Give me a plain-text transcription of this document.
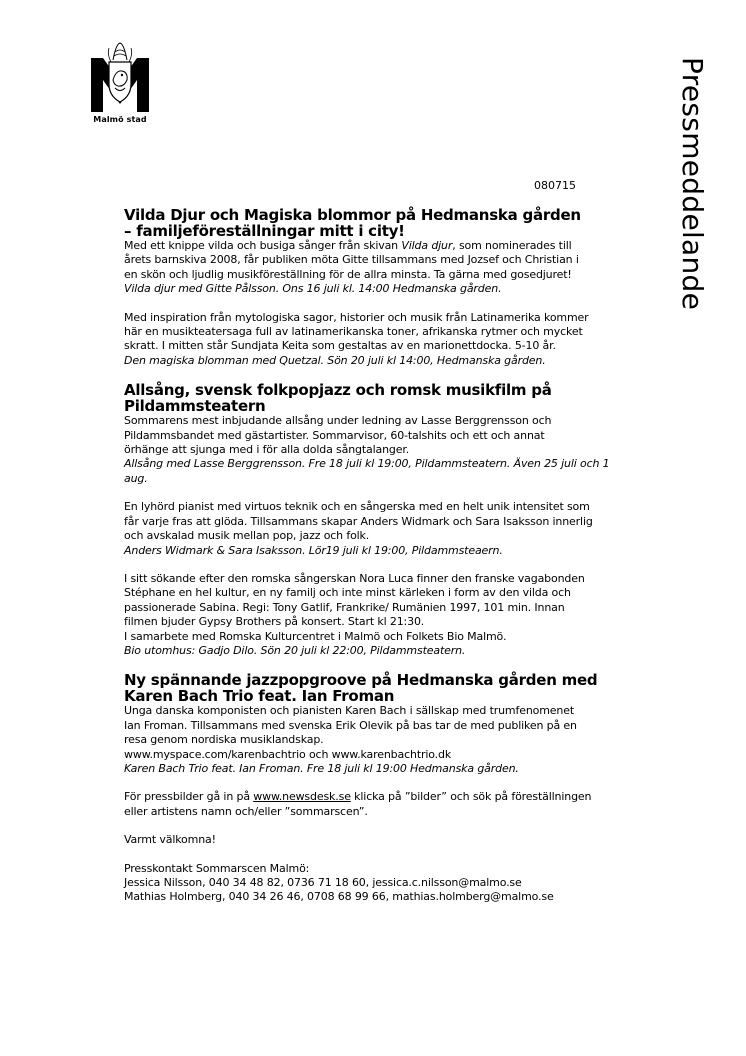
Malmö stad	Pressmeddelande
080715
Vilda Djur och Magiska blommor på Hedmanska gården
– familjeföreställningar mitt i city!

Med ett knippe vilda och busiga sånger från skivan Vilda djur, som nominerades till
årets barnskiva 2008, får publiken möta Gitte tillsammans med Jozsef och Christian i
en skön och ljudlig musikföreställning för de allra minsta. Ta gärna med gosedjuret!
Vilda djur med Gitte Pålsson. Ons 16 juli kl. 14:00 Hedmanska gården.

Med inspiration från mytologiska sagor, historier och musik från Latinamerika kommer
här en musikteatersaga full av latinamerikanska toner, afrikanska rytmer och mycket
skratt. I mitten står Sundjata Keita som gestaltas av en marionettdocka. 5-10 år.
Den magiska blomman med Quetzal. Sön 20 juli kl 14:00, Hedmanska gården.

Allsång, svensk folkpopjazz och romsk musikfilm på
Pildammsteatern

Sommarens mest inbjudande allsång under ledning av Lasse Berggrensson och
Pildammsbandet med gästartister. Sommarvisor, 60-talshits och ett och annat
örhänge att sjunga med i för alla dolda sångtalanger.
Allsång med Lasse Berggrensson. Fre 18 juli kl 19:00, Pildammsteatern. Även 25 juli och 1
aug.

En lyhörd pianist med virtuos teknik och en sångerska med en helt unik intensitet som
får varje fras att glöda. Tillsammans skapar Anders Widmark och Sara Isaksson innerlig
och avskalad musik mellan pop, jazz och folk.
Anders Widmark & Sara Isaksson. Lör19 juli kl 19:00, Pildammsteaern.

I sitt sökande efter den romska sångerskan Nora Luca finner den franske vagabonden
Stéphane en hel kultur, en ny familj och inte minst kärleken i form av den vilda och
passionerade Sabina. Regi: Tony Gatlif, Frankrike/ Rumänien 1997, 101 min. Innan
filmen bjuder Gypsy Brothers på konsert. Start kl 21:30.
I samarbete med Romska Kulturcentret i Malmö och Folkets Bio Malmö.
Bio utomhus: Gadjo Dilo. Sön 20 juli kl 22:00, Pildammsteatern.

Ny spännande jazzpopgroove på Hedmanska gården med
Karen Bach Trio feat. Ian Froman

Unga danska komponisten och pianisten Karen Bach i sällskap med trumfenomenet
Ian Froman. Tillsammans med svenska Erik Olevik på bas tar de med publiken på en
resa genom nordiska musiklandskap.
www.myspace.com/karenbachtrio och www.karenbachtrio.dk
Karen Bach Trio feat. Ian Froman. Fre 18 juli kl 19:00 Hedmanska gården.

För pressbilder gå in på www.newsdesk.se klicka på ”bilder” och sök på föreställningen
eller artistens namn och/eller ”sommarscen”.

Varmt välkomna!

Presskontakt Sommarscen Malmö:
Jessica Nilsson, 040 34 48 82, 0736 71 18 60, jessica.c.nilsson@malmo.se
Mathias Holmberg, 040 34 26 46, 0708 68 99 66, mathias.holmberg@malmo.se
